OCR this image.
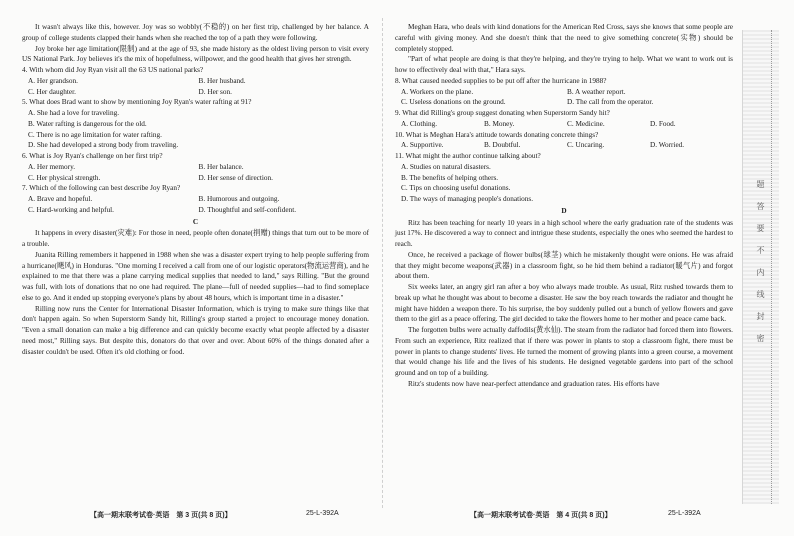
It wasn't always like this, however. Joy was so wobbly(不稳的) on her first trip, challenged by her balance. A group of college students clapped their hands when she reached the top of a path they were following.

Joy broke her age limitation(限制) and at the age of 93, she made history as the oldest living person to visit every US National Park. Joy believes it's the mix of hopefulness, willpower, and the good health that gives her strength.

4. With whom did Joy Ryan visit all the 63 US national parks?

A. Her grandson.	B. Her husband.
C. Her daughter.	D. Her son.

5. What does Brad want to show by mentioning Joy Ryan's water rafting at 91?

A. She had a love for traveling.

B. Water rafting is dangerous for the old.

C. There is no age limitation for water rafting.

D. She had developed a strong body from traveling.

6. What is Joy Ryan's challenge on her first trip?

A. Her memory.	B. Her balance.
C. Her physical strength.	D. Her sense of direction.

7. Which of the following can best describe Joy Ryan?

A. Brave and hopeful.	B. Humorous and outgoing.
C. Hard-working and helpful.	D. Thoughtful and self-confident.
C

It happens in every disaster(灾难): For those in need, people often donate(捐赠) things that turn out to be more of a trouble.

Juanita Rilling remembers it happened in 1988 when she was a disaster expert trying to help people suffering from a hurricane(飓风) in Honduras. "One morning I received a call from one of our logistic operators(物流运营商), and he explained to me that there was a plane carrying medical supplies that needed to land," says Rilling. "But the ground was full, with lots of donations that no one had required. The plane—full of needed supplies—had to find someplace else to go. And it ended up stopping everyone's plans by about 48 hours, which is important time in a disaster."

Rilling now runs the Center for International Disaster Information, which is trying to make sure things like that don't happen again. So when Superstorm Sandy hit, Rilling's group started a project to encourage money donation. "Even a small donation can make a big difference and can quickly become exactly what people affected by a disaster need most," Rilling says. But despite this, donators do that over and over. About 60% of the things donated after a disaster couldn't be used. Often it's old clothing or food.

Meghan Hara, who deals with kind donations for the American Red Cross, says she knows that some people are careful with giving money. And she doesn't think that the need to give something concrete(实物) should be completely stopped.

"Part of what people are doing is that they're helping, and they're trying to help. What we want to work out is how to effectively deal with that," Hara says.

8. What caused needed supplies to be put off after the hurricane in 1988?

A. Workers on the plane.	B. A weather report.
C. Useless donations on the ground.	D. The call from the operator.

9. What did Rilling's group suggest donating when Superstorm Sandy hit?

A. Clothing.	B. Money.	C. Medicine.	D. Food.

10. What is Meghan Hara's attitude towards donating concrete things?

A. Supportive.	B. Doubtful.	C. Uncaring.	D. Worried.

11. What might the author continue talking about?

A. Studies on natural disasters.

B. The benefits of helping others.

C. Tips on choosing useful donations.

D. The ways of managing people's donations.

D

Ritz has been teaching for nearly 10 years in a high school where the early graduation rate of the students was just 17%. He discovered a way to connect and intrigue these students, especially the ones who seemed the hardest to reach.

Once, he received a package of flower bulbs(球茎) which he mistakenly thought were onions. He was afraid that they might become weapons(武器) in a classroom fight, so he hid them behind a radiator(暖气片) and forgot about them.

Six weeks later, an angry girl ran after a boy who always made trouble. As usual, Ritz rushed towards them to break up what he thought was about to become a disaster. He saw the boy reach towards the radiator and thought he might have hidden a weapon there. To his surprise, the boy suddenly pulled out a bunch of yellow flowers and gave them to the girl as a peace offering. The girl decided to take the flowers home to her mother and peace came back.

The forgotten bulbs were actually daffodils(黄水仙). The steam from the radiator had forced them into flowers. From such an experience, Ritz realized that if there was power in plants to stop a classroom fight, there must be power in plants to change students' lives. He turned the moment of growing plants into a green course, a movement that would change his life and the lives of his students. He designed vegetable gardens into part of the school ground and on top of a building.

Ritz's students now have near-perfect attendance and graduation rates. His efforts have

【高一期末联考试卷·英语　第 3 页(共 8 页)】	25-L-392A	【高一期末联考试卷·英语　第 4 页(共 8 页)】	25-L-392A
题
答
要
不
内
线
封
密
